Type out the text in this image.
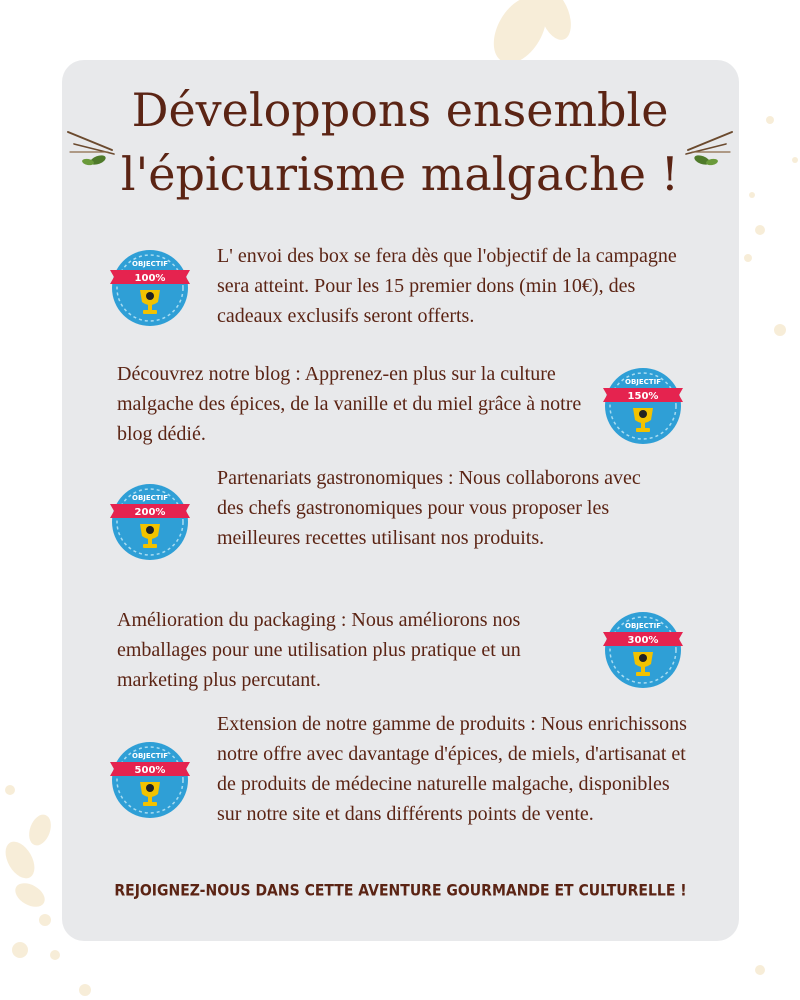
Développons ensemble
l'épicurisme malgache !
OBJECTIF
100%

L' envoi des box se fera dès que l'objectif de la campagne sera atteint. Pour les 15 premier dons (min 10€), des cadeaux exclusifs seront offerts.

OBJECTIF
150%

Découvrez notre blog : Apprenez-en plus sur la culture malgache des épices, de la vanille et du miel grâce à notre blog dédié.

OBJECTIF
200%

Partenariats gastronomiques : Nous collaborons avec des chefs gastronomiques pour vous proposer les meilleures recettes utilisant nos produits.

OBJECTIF
300%

Amélioration du packaging : Nous améliorons nos emballages pour une utilisation plus pratique et un marketing plus percutant.

OBJECTIF
500%

Extension de notre gamme de produits : Nous enrichissons notre offre avec davantage d'épices, de miels, d'artisanat et de produits de médecine naturelle malgache, disponibles sur notre site et dans différents points de vente.

REJOIGNEZ-NOUS DANS CETTE AVENTURE GOURMANDE ET CULTURELLE !
